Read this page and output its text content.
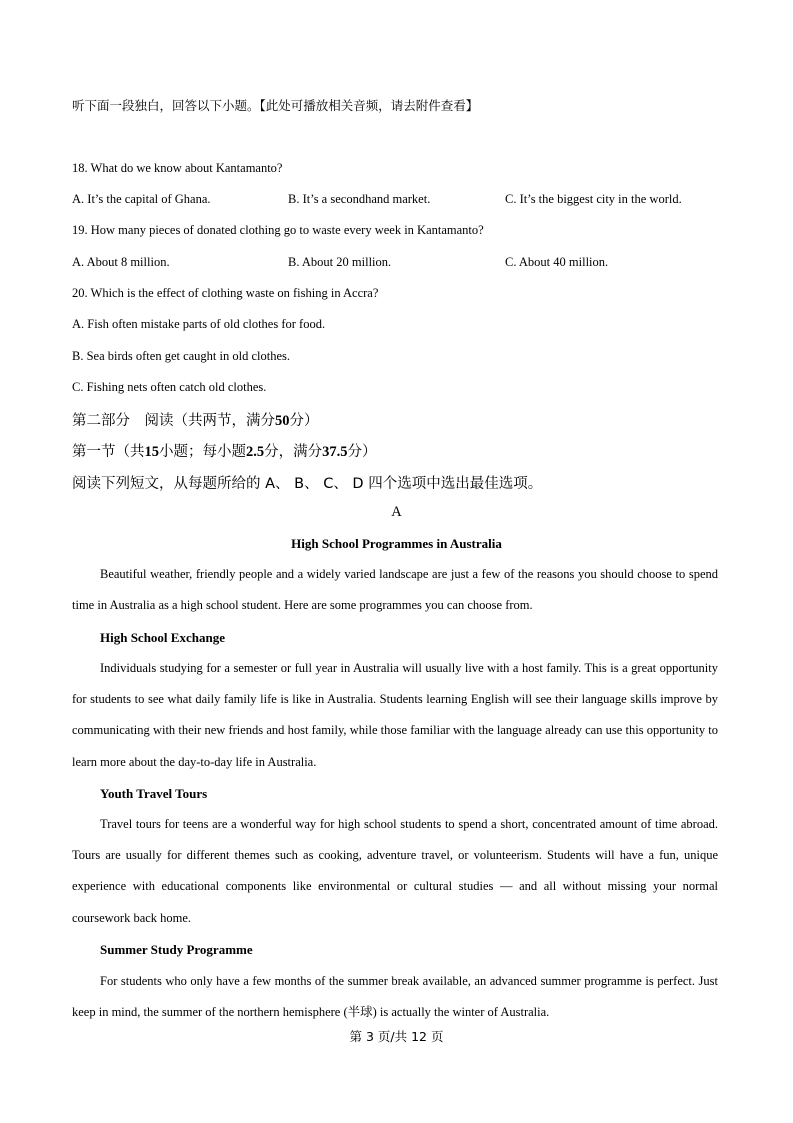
听下面一段独白，回答以下小题。【此处可播放相关音频，请去附件查看】
18. What do we know about Kantamanto?
A. It’s the capital of Ghana.	B. It’s a secondhand market.	C. It’s the biggest city in the world.
19. How many pieces of donated clothing go to waste every week in Kantamanto?
A. About 8 million.	B. About 20 million.	C. About 40 million.
20. Which is the effect of clothing waste on fishing in Accra?
A. Fish often mistake parts of old clothes for food.
B. Sea birds often get caught in old clothes.
C. Fishing nets often catch old clothes.
第二部分　阅读（共两节，满分50分）
第一节（共15小题；每小题2.5分，满分37.5分）
阅读下列短文，从每题所给的 A、 B、 C、 D 四个选项中选出最佳选项。
A
High School Programmes in Australia
Beautiful weather, friendly people and a widely varied landscape are just a few of the reasons you should choose to spend time in Australia as a high school student. Here are some programmes you can choose from.
High School Exchange
Individuals studying for a semester or full year in Australia will usually live with a host family. This is a great opportunity for students to see what daily family life is like in Australia. Students learning English will see their language skills improve by communicating with their new friends and host family, while those familiar with the language already can use this opportunity to learn more about the day-to-day life in Australia.
Youth Travel Tours
Travel tours for teens are a wonderful way for high school students to spend a short, concentrated amount of time abroad. Tours are usually for different themes such as cooking, adventure travel, or volunteerism. Students will have a fun, unique experience with educational components like environmental or cultural studies — and all without missing your normal coursework back home.
Summer Study Programme
For students who only have a few months of the summer break available, an advanced summer programme is perfect. Just keep in mind, the summer of the northern hemisphere (半球) is actually the winter of Australia.
第 3 页/共 12 页
